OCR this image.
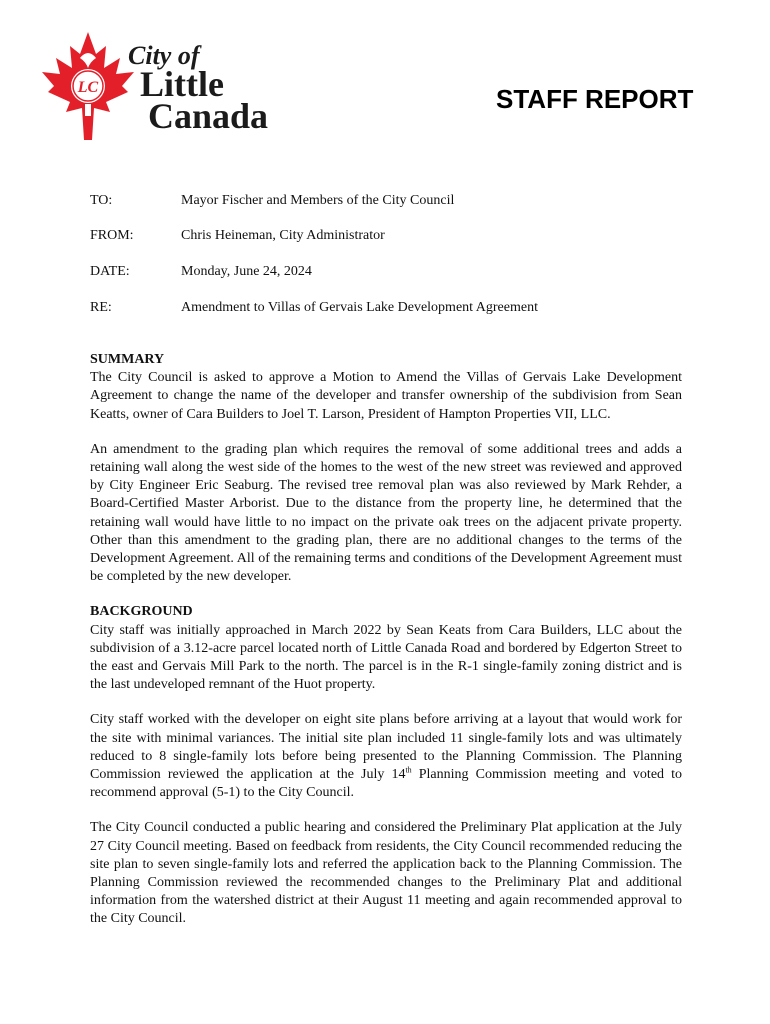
LC
City of
Little
Canada	STAFF REPORT
TO:	Mayor Fischer and Members of the City Council
FROM:	Chris Heineman, City Administrator
DATE:	Monday, June 24, 2024
RE:	Amendment to Villas of Gervais Lake Development Agreement
SUMMARY

The City Council is asked to approve a Motion to Amend the Villas of Gervais Lake Development Agreement to change the name of the developer and transfer ownership of the subdivision from Sean Keatts, owner of Cara Builders to Joel T. Larson, President of Hampton Properties VII, LLC.

An amendment to the grading plan which requires the removal of some additional trees and adds a retaining wall along the west side of the homes to the west of the new street was reviewed and approved by City Engineer Eric Seaburg. The revised tree removal plan was also reviewed by Mark Rehder, a Board-Certified Master Arborist. Due to the distance from the property line, he determined that the retaining wall would have little to no impact on the private oak trees on the adjacent private property. Other than this amendment to the grading plan, there are no additional changes to the terms of the Development Agreement. All of the remaining terms and conditions of the Development Agreement must be completed by the new developer.

BACKGROUND

City staff was initially approached in March 2022 by Sean Keats from Cara Builders, LLC about the subdivision of a 3.12-acre parcel located north of Little Canada Road and bordered by Edgerton Street to the east and Gervais Mill Park to the north. The parcel is in the R-1 single-family zoning district and is the last undeveloped remnant of the Huot property.

City staff worked with the developer on eight site plans before arriving at a layout that would work for the site with minimal variances. The initial site plan included 11 single-family lots and was ultimately reduced to 8 single-family lots before being presented to the Planning Commission. The Planning Commission reviewed the application at the July 14th Planning Commission meeting and voted to recommend approval (5-1) to the City Council.

The City Council conducted a public hearing and considered the Preliminary Plat application at the July 27 City Council meeting. Based on feedback from residents, the City Council recommended reducing the site plan to seven single-family lots and referred the application back to the Planning Commission. The Planning Commission reviewed the recommended changes to the Preliminary Plat and additional information from the watershed district at their August 11 meeting and again recommended approval to the City Council.
